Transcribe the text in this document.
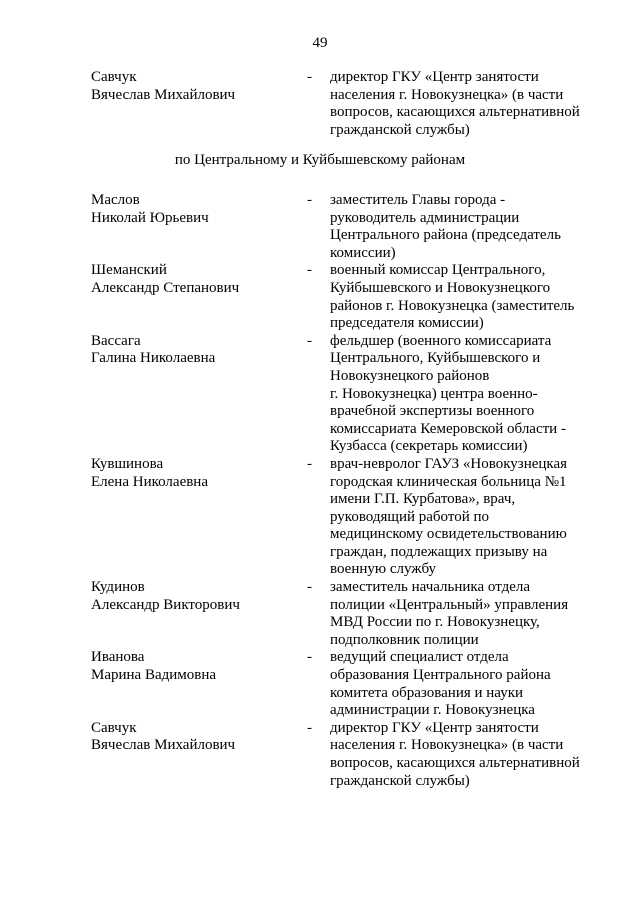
49
Савчук
Вячеслав Михайлович
-	директор ГКУ «Центр занятости
населения г. Новокузнецка» (в части
вопросов, касающихся альтернативной
гражданской службы)
по Центральному и Куйбышевскому районам
Маслов
Николай Юрьевич
-	заместитель Главы города -
руководитель администрации
Центрального района (председатель
комиссии)
Шеманский
Александр Степанович
-	военный комиссар Центрального,
Куйбышевского и Новокузнецкого
районов г. Новокузнецка (заместитель
председателя комиссии)
Вассага
Галина Николаевна
-	фельдшер (военного комиссариата
Центрального, Куйбышевского и
Новокузнецкого районов
г. Новокузнецка) центра военно-
врачебной экспертизы военного
комиссариата Кемеровской области -
Кузбасса (секретарь комиссии)
Кувшинова
Елена Николаевна
-	врач-невролог ГАУЗ «Новокузнецкая
городская клиническая больница №1
имени Г.П. Курбатова», врач,
руководящий работой по
медицинскому освидетельствованию
граждан, подлежащих призыву на
военную службу
Кудинов
Александр Викторович
-	заместитель начальника отдела
полиции «Центральный» управления
МВД России по г. Новокузнецку,
подполковник полиции
Иванова
Марина Вадимовна
-	ведущий специалист отдела
образования Центрального района
комитета образования и науки
администрации г. Новокузнецка
Савчук
Вячеслав Михайлович
-	директор ГКУ «Центр занятости
населения г. Новокузнецка» (в части
вопросов, касающихся альтернативной
гражданской службы)
